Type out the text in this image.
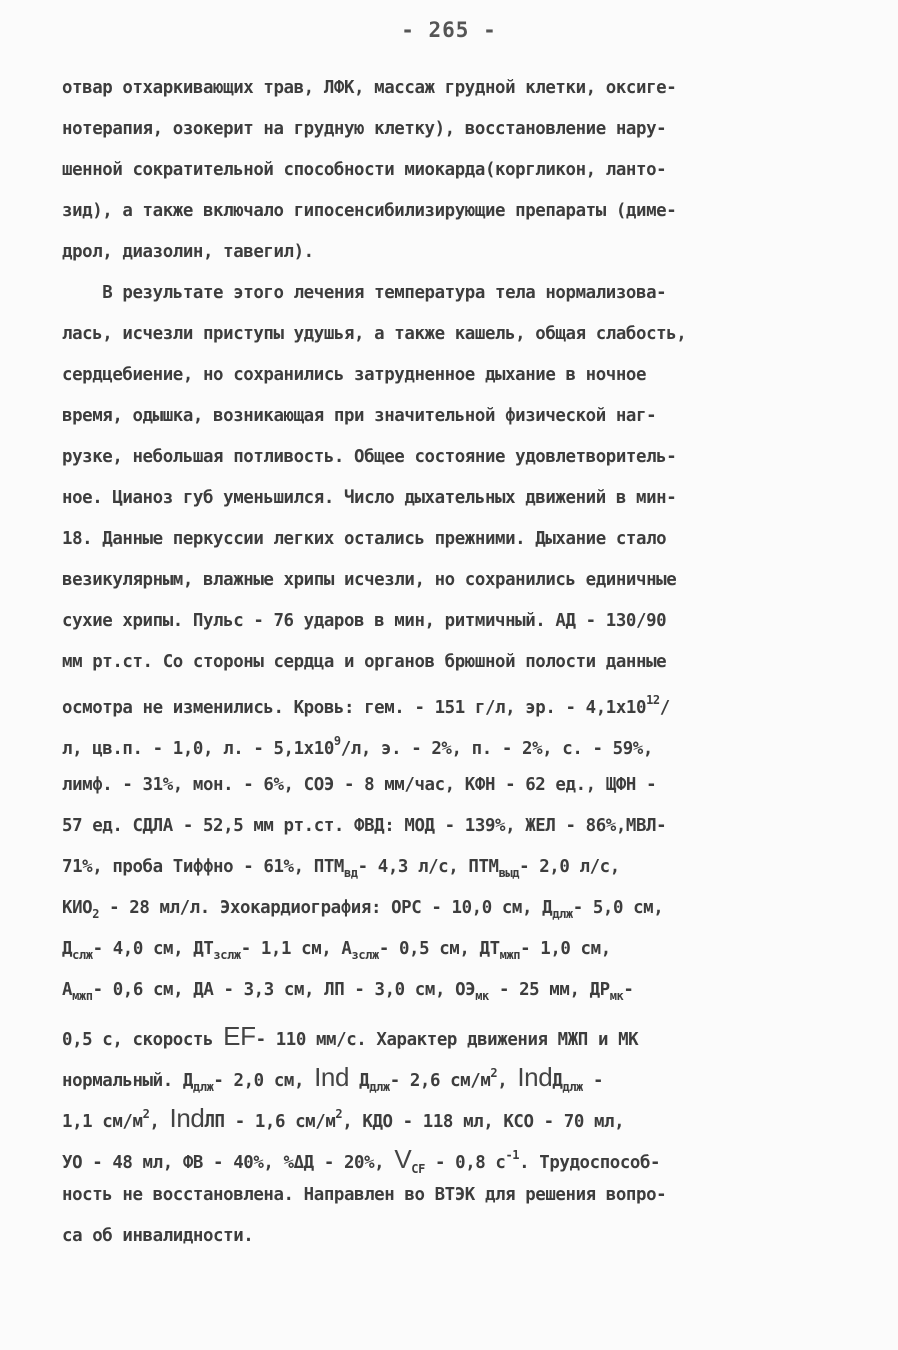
- 265 -
отвар отхаркивающих трав, ЛФК, массаж грудной клетки, оксиге-
нотерапия, озокерит на грудную клетку), восстановление нару-
шенной сократительной способности миокарда(коргликон, ланто-
зид), а также включало гипосенсибилизирующие препараты (диме-
дрол, диазолин, тавегил).
В результате этого лечения температура тела нормализова-
лась, исчезли приступы удушья, а также кашель, общая слабость,
сердцебиение, но сохранились затрудненное дыхание в ночное
время, одышка, возникающая при значительной физической наг-
рузке, небольшая потливость. Общее состояние удовлетворитель-
ное. Цианоз губ уменьшился. Число дыхательных движений в мин-
18. Данные перкуссии легких остались прежними. Дыхание стало
везикулярным, влажные хрипы исчезли, но сохранились единичные
сухие хрипы. Пульс - 76 ударов в мин, ритмичный. АД - 130/90
мм рт.ст. Со стороны сердца и органов брюшной полости данные
осмотра не изменились. Кровь: гем. - 151 г/л, эр. - $4,1x10^{12}/$
л, цв.п. - 1,0, л. - $5,1x10^9/л$, э. - 2%, п. - 2%, с. - 59%,
лимф. - 31%, мон. - 6%, СОЭ - 8 мм/час, КФН - 62 ед., ЩФН -
57 ед. СДЛА - 52,5 мм рт.ст. ФВД: МОД - 139%, ЖЕЛ - 86%,МВЛ-
71%, проба Тиффно - 61%, $ПТМ_{вд}-$ 4,3 л/с, $ПТМ_{выд}-$ 2,0 л/с,
$КИО_2 - 28$ мл/л. Эхокардиография: ОРС - 10,0 см, $Д_{длж}-$ 5,0 см,
$Д_{слж}-$ 4,0 см, $ДТ_{зслж}-$ 1,1 см, $А_{зслж}-$ 0,5 см, $ДТ_{мжп}-$ 1,0 см,
$А_{мжп}-$ 0,6 см, ДА - 3,3 см, ЛП - 3,0 см, $ОЭ_{мк} - 25$ мм, $ДР_{мк}-$
0,5 с, скорость EF- 110 мм/с. Характер движения МЖП и МК
нормальный. $Д_{длж}-$ 2,0 см, Ind $Д_{длж}-$ 2,6 $см/м^2$, IndД$_{длж}$ -
1,1 $см/м^2$, IndЛП - 1,6 $см/м^2$, КДО - 118 мл, КСО - 70 мл,
УО - 48 мл, ФВ - 40%, %ΔД - 20%, $V_{CF} - 0,8$ $с^{-1}$. Трудоспособ-
ность не восстановлена. Направлен во ВТЭК для решения вопро-
са об инвалидности.
